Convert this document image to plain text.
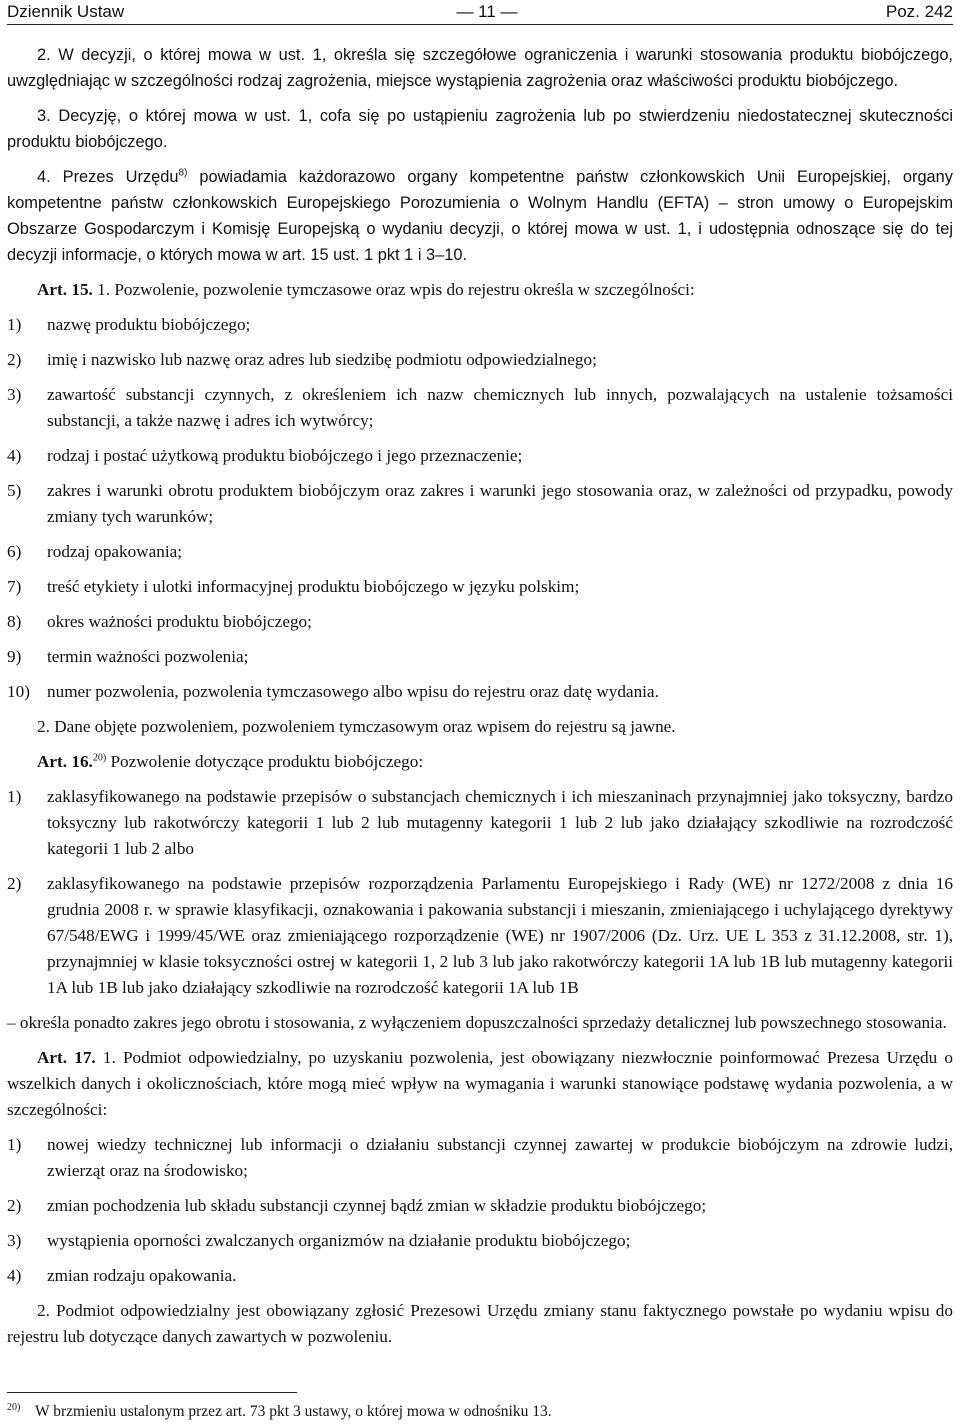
Dziennik Ustaw	— 11 —	Poz. 242

2. W decyzji, o której mowa w ust. 1, określa się szczegółowe ograniczenia i warunki stosowania produktu biobójczego, uwzględniając w szczególności rodzaj zagrożenia, miejsce wystąpienia zagrożenia oraz właściwości produktu biobójczego.

3. Decyzję, o której mowa w ust. 1, cofa się po ustąpieniu zagrożenia lub po stwierdzeniu niedostatecznej skuteczności produktu biobójczego.

4. Prezes Urzędu$^{8)}$ powiadamia każdorazowo organy kompetentne państw członkowskich Unii Europejskiej, organy kompetentne państw członkowskich Europejskiego Porozumienia o Wolnym Handlu (EFTA) – stron umowy o Europejskim Obszarze Gospodarczym i Komisję Europejską o wydaniu decyzji, o której mowa w ust. 1, i udostępnia odnoszące się do tej decyzji informacje, o których mowa w art. 15 ust. 1 pkt 1 i 3–10.

Art. 15. 1. Pozwolenie, pozwolenie tymczasowe oraz wpis do rejestru określa w szczególności:

1) nazwę produktu biobójczego;
2) imię i nazwisko lub nazwę oraz adres lub siedzibę podmiotu odpowiedzialnego;
3) zawartość substancji czynnych, z określeniem ich nazw chemicznych lub innych, pozwalających na ustalenie tożsamości substancji, a także nazwę i adres ich wytwórcy;
4) rodzaj i postać użytkową produktu biobójczego i jego przeznaczenie;
5) zakres i warunki obrotu produktem biobójczym oraz zakres i warunki jego stosowania oraz, w zależności od przypadku, powody zmiany tych warunków;
6) rodzaj opakowania;
7) treść etykiety i ulotki informacyjnej produktu biobójczego w języku polskim;
8) okres ważności produktu biobójczego;
9) termin ważności pozwolenia;
10) numer pozwolenia, pozwolenia tymczasowego albo wpisu do rejestru oraz datę wydania.

2. Dane objęte pozwoleniem, pozwoleniem tymczasowym oraz wpisem do rejestru są jawne.

Art. 16.$^{20)}$ Pozwolenie dotyczące produktu biobójczego:

1) zaklasyfikowanego na podstawie przepisów o substancjach chemicznych i ich mieszaninach przynajmniej jako toksyczny, bardzo toksyczny lub rakotwórczy kategorii 1 lub 2 lub mutagenny kategorii 1 lub 2 lub jako działający szkodliwie na rozrodczość kategorii 1 lub 2 albo
2) zaklasyfikowanego na podstawie przepisów rozporządzenia Parlamentu Europejskiego i Rady (WE) nr 1272/2008 z dnia 16 grudnia 2008 r. w sprawie klasyfikacji, oznakowania i pakowania substancji i mieszanin, zmieniającego i uchylającego dyrektywy 67/548/EWG i 1999/45/WE oraz zmieniającego rozporządzenie (WE) nr 1907/2006 (Dz. Urz. UE L 353 z 31.12.2008, str. 1), przynajmniej w klasie toksyczności ostrej w kategorii 1, 2 lub 3 lub jako rakotwórczy kategorii 1A lub 1B lub mutagenny kategorii 1A lub 1B lub jako działający szkodliwie na rozrodczość kategorii 1A lub 1B

– określa ponadto zakres jego obrotu i stosowania, z wyłączeniem dopuszczalności sprzedaży detalicznej lub powszechnego stosowania.

Art. 17. 1. Podmiot odpowiedzialny, po uzyskaniu pozwolenia, jest obowiązany niezwłocznie poinformować Prezesa Urzędu o wszelkich danych i okolicznościach, które mogą mieć wpływ na wymagania i warunki stanowiące podstawę wydania pozwolenia, a w szczególności:

1) nowej wiedzy technicznej lub informacji o działaniu substancji czynnej zawartej w produkcie biobójczym na zdrowie ludzi, zwierząt oraz na środowisko;
2) zmian pochodzenia lub składu substancji czynnej bądź zmian w składzie produktu biobójczego;
3) wystąpienia oporności zwalczanych organizmów na działanie produktu biobójczego;
4) zmian rodzaju opakowania.

2. Podmiot odpowiedzialny jest obowiązany zgłosić Prezesowi Urzędu zmiany stanu faktycznego powstałe po wydaniu wpisu do rejestru lub dotyczące danych zawartych w pozwoleniu.

$^{20)}$ W brzmieniu ustalonym przez art. 73 pkt 3 ustawy, o której mowa w odnośniku 13.
